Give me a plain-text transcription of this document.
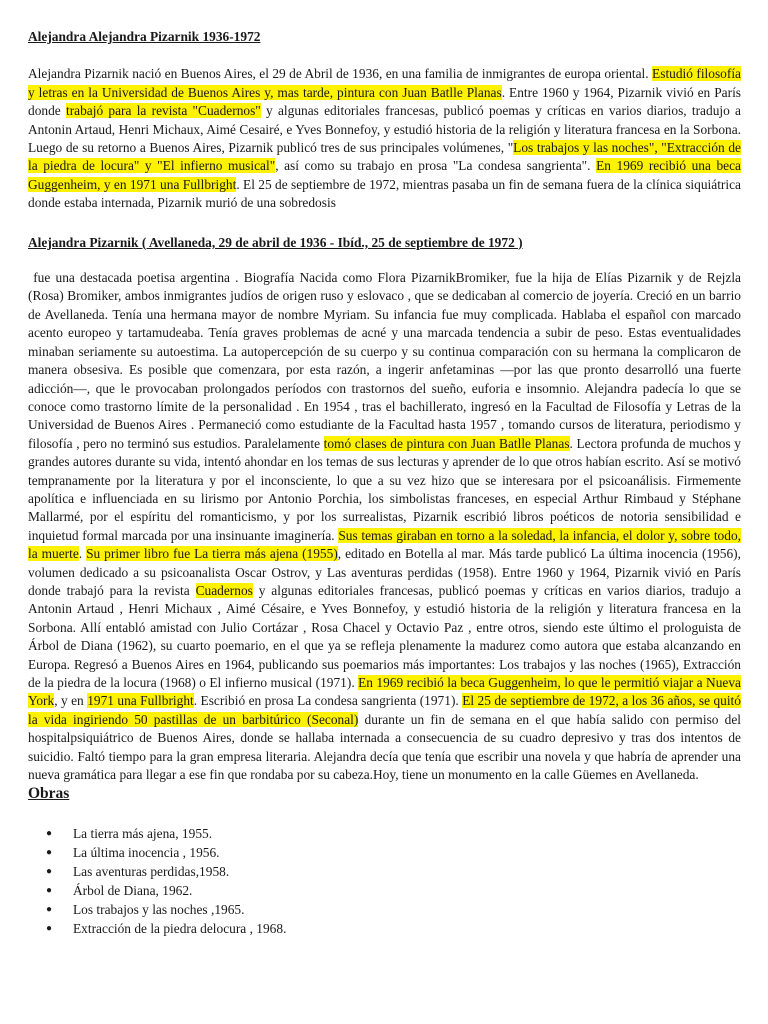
Alejandra Alejandra Pizarnik 1936-1972

Alejandra Pizarnik nació en Buenos Aires, el 29 de Abril de 1936, en una familia de inmigrantes de europa oriental. Estudió filosofía y letras en la Universidad de Buenos Aires y, mas tarde, pintura con Juan Batlle Planas. Entre 1960 y 1964, Pizarnik vivió en París donde trabajó para la revista "Cuadernos" y algunas editoriales francesas, publicó poemas y críticas en varios diarios, tradujo a Antonin Artaud, Henri Michaux, Aimé Cesairé, e Yves Bonnefoy, y estudió historia de la religión y literatura francesa en la Sorbona. Luego de su retorno a Buenos Aires, Pizarnik publicó tres de sus principales volúmenes, "Los trabajos y las noches", "Extracción de la piedra de locura" y "El infierno musical", así como su trabajo en prosa "La condesa sangrienta". En 1969 recibió una beca Guggenheim, y en 1971 una Fullbright. El 25 de septiembre de 1972, mientras pasaba un fin de semana fuera de la clínica siquiátrica donde estaba internada, Pizarnik murió de una sobredosis

Alejandra Pizarnik ( Avellaneda, 29 de abril de 1936 - Ibíd., 25 de septiembre de 1972 )

fue una destacada poetisa argentina . Biografía Nacida como Flora PizarnikBromiker, fue la hija de Elías Pizarnik y de Rejzla (Rosa) Bromiker, ambos inmigrantes judíos de origen ruso y eslovaco , que se dedicaban al comercio de joyería. Creció en un barrio de Avellaneda. Tenía una hermana mayor de nombre Myriam. Su infancia fue muy complicada. Hablaba el español con marcado acento europeo y tartamudeaba. Tenía graves problemas de acné y una marcada tendencia a subir de peso. Estas eventualidades minaban seriamente su autoestima. La autopercepción de su cuerpo y su continua comparación con su hermana la complicaron de manera obsesiva. Es posible que comenzara, por esta razón, a ingerir anfetaminas —por las que pronto desarrolló una fuerte adicción—, que le provocaban prolongados períodos con trastornos del sueño, euforia e insomnio. Alejandra padecía lo que se conoce como trastorno límite de la personalidad . En 1954 , tras el bachillerato, ingresó en la Facultad de Filosofía y Letras de la Universidad de Buenos Aires . Permaneció como estudiante de la Facultad hasta 1957 , tomando cursos de literatura, periodismo y filosofía , pero no terminó sus estudios. Paralelamente tomó clases de pintura con Juan Batlle Planas. Lectora profunda de muchos y grandes autores durante su vida, intentó ahondar en los temas de sus lecturas y aprender de lo que otros habían escrito. Así se motivó tempranamente por la literatura y por el inconsciente, lo que a su vez hizo que se interesara por el psicoanálisis. Firmemente apolítica e influenciada en su lirismo por Antonio Porchia, los simbolistas franceses, en especial Arthur Rimbaud y Stéphane Mallarmé, por el espíritu del romanticismo, y por los surrealistas, Pizarnik escribió libros poéticos de notoria sensibilidad e inquietud formal marcada por una insinuante imaginería. Sus temas giraban en torno a la soledad, la infancia, el dolor y, sobre todo, la muerte. Su primer libro fue La tierra más ajena (1955), editado en Botella al mar. Más tarde publicó La última inocencia (1956), volumen dedicado a su psicoanalista Oscar Ostrov, y Las aventuras perdidas (1958). Entre 1960 y 1964, Pizarnik vivió en París donde trabajó para la revista Cuadernos y algunas editoriales francesas, publicó poemas y críticas en varios diarios, tradujo a Antonin Artaud , Henri Michaux , Aimé Césaire, e Yves Bonnefoy, y estudió historia de la religión y literatura francesa en la Sorbona. Allí entabló amistad con Julio Cortázar , Rosa Chacel y Octavio Paz , entre otros, siendo este último el prologuista de Árbol de Diana (1962), su cuarto poemario, en el que ya se refleja plenamente la madurez como autora que estaba alcanzando en Europa. Regresó a Buenos Aires en 1964, publicando sus poemarios más importantes: Los trabajos y las noches (1965), Extracción de la piedra de la locura (1968) o El infierno musical (1971). En 1969 recibió la beca Guggenheim, lo que le permitió viajar a Nueva York, y en 1971 una Fullbright. Escribió en prosa La condesa sangrienta (1971). El 25 de septiembre de 1972, a los 36 años, se quitó la vida ingiriendo 50 pastillas de un barbitúrico (Seconal) durante un fin de semana en el que había salido con permiso del hospitalpsiquiátrico de Buenos Aires, donde se hallaba internada a consecuencia de su cuadro depresivo y tras dos intentos de suicidio. Faltó tiempo para la gran empresa literaria. Alejandra decía que tenía que escribir una novela y que habría de aprender una nueva gramática para llegar a ese fin que rondaba por su cabeza.Hoy, tiene un monumento en la calle Güemes en Avellaneda.

Obras

● La tierra más ajena, 1955.
● La última inocencia , 1956.
● Las aventuras perdidas,1958.
● Árbol de Diana, 1962.
● Los trabajos y las noches ,1965.
● Extracción de la piedra delocura , 1968.
